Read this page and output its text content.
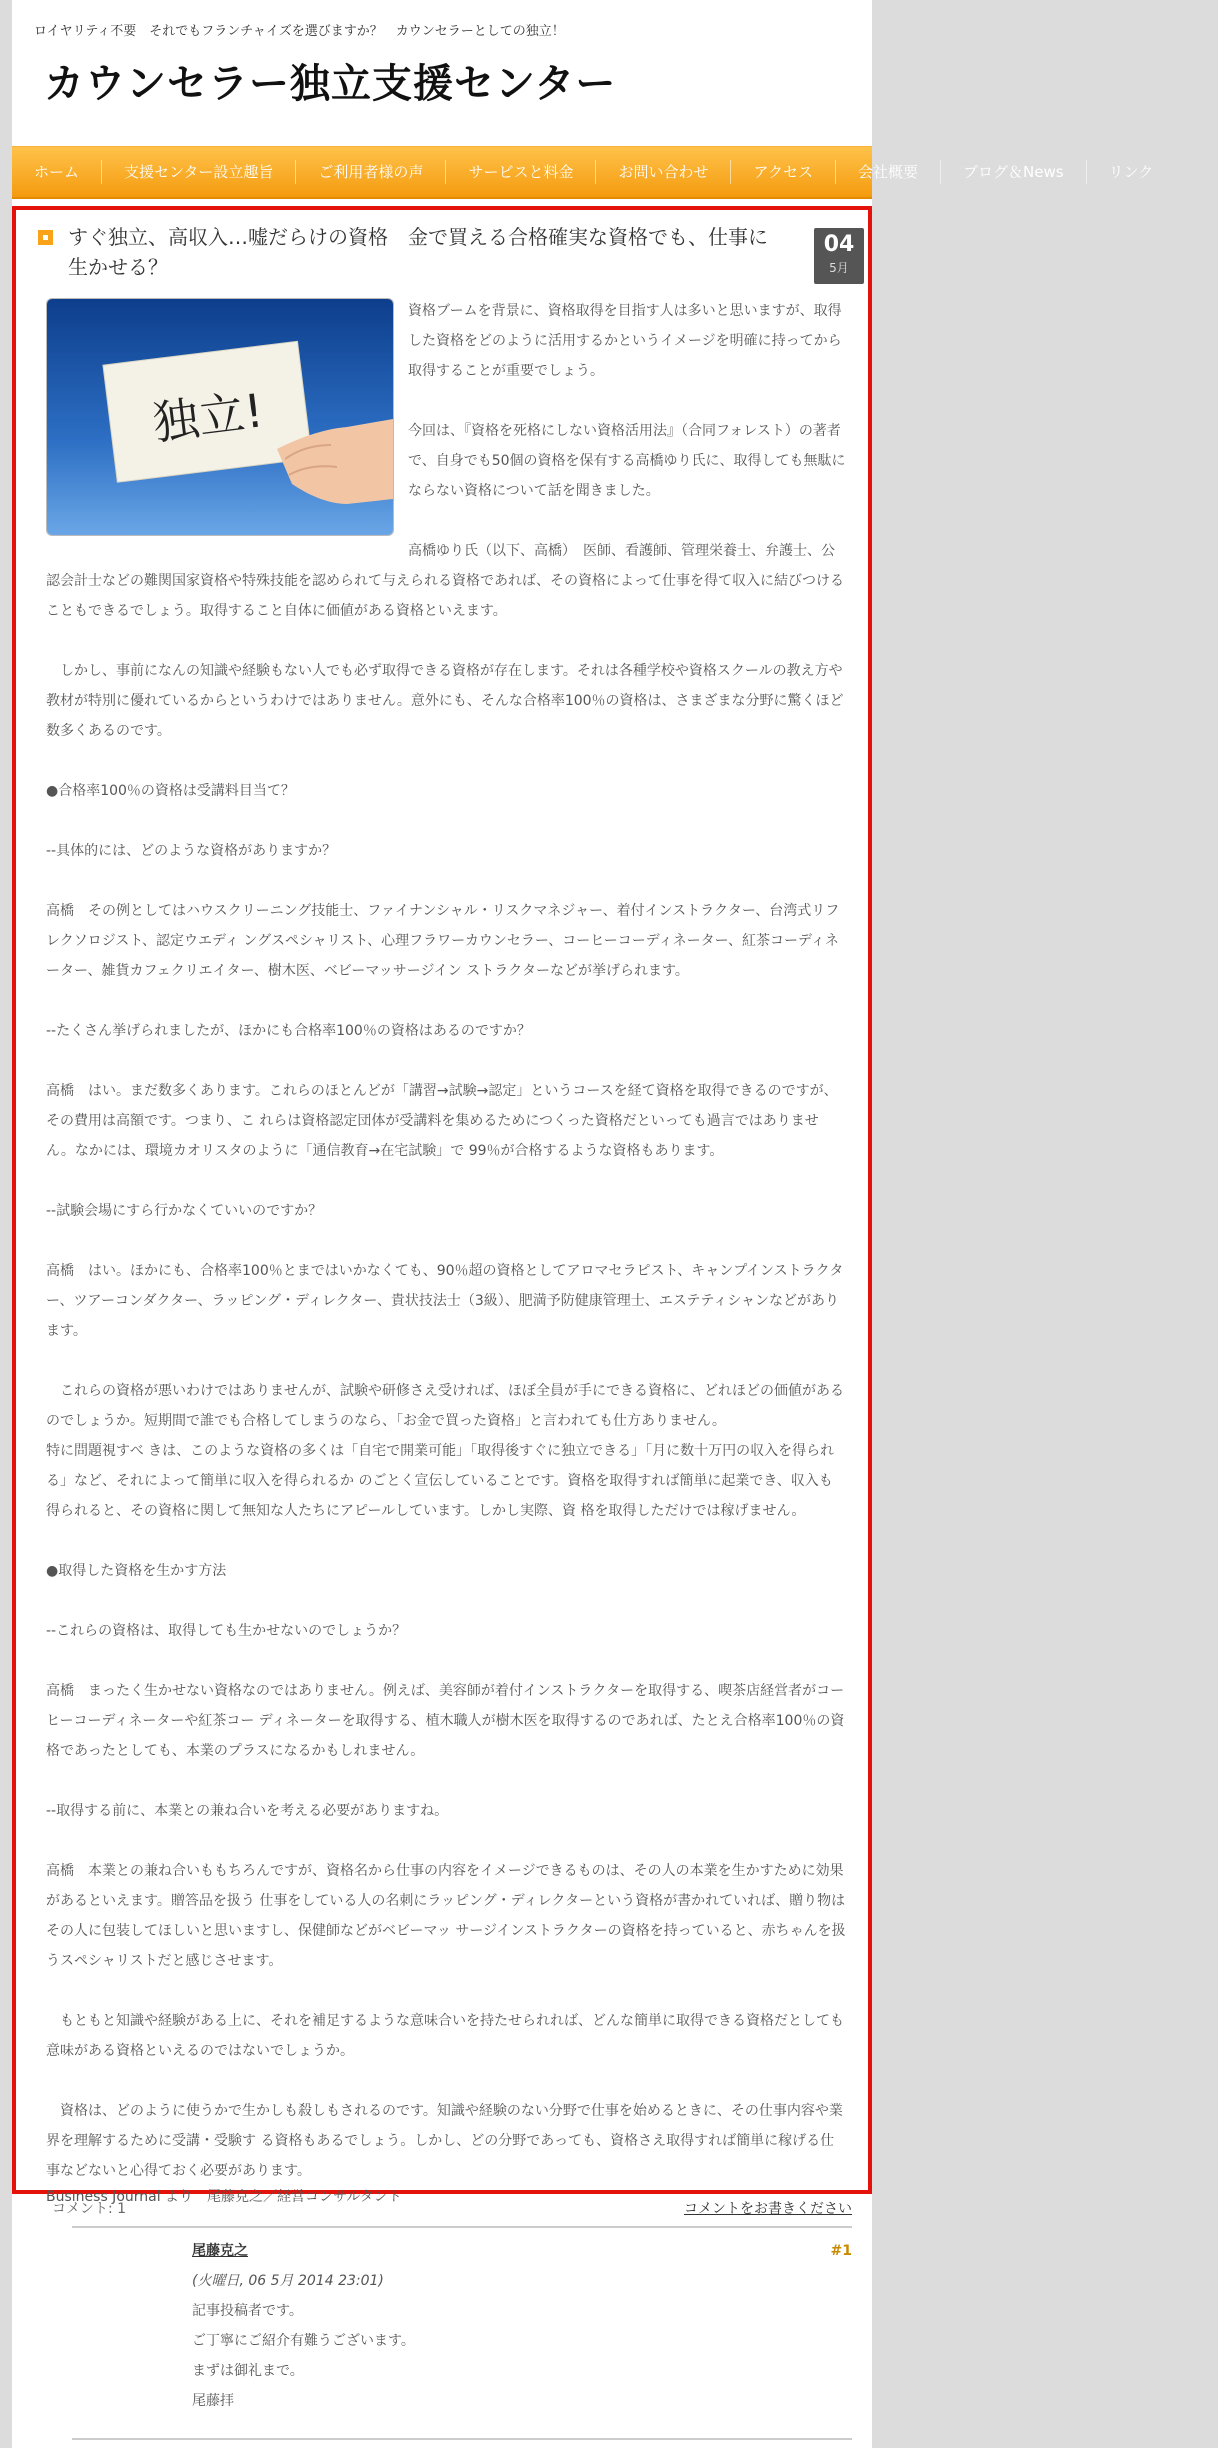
ロイヤリティ不要　それでもフランチャイズを選びますか？　カウンセラーとしての独立！
カウンセラー独立支援センター
ホーム	支援センター設立趣旨	ご利用者様の声	サービスと料金	お問い合わせ	アクセス	会社概要	ブログ＆News	リンク
すぐ独立、高収入…嘘だらけの資格　金で買える合格確実な資格でも、仕事に生かせる？
04
5月
独立!

資格ブームを背景に、資格取得を目指す人は多いと思いますが、取得した資格をどのように活用するかというイメージを明確に持ってから取得することが重要でしょう。

今回は、『資格を死格にしない資格活用法』（合同フォレスト）の著者で、自身でも50個の資格を保有する高橋ゆり氏に、取得しても無駄にならない資格について話を聞きました。

高橋ゆり氏（以下、高橋）　医師、看護師、管理栄養士、弁護士、公認会計士などの難関国家資格や特殊技能を認められて与えられる資格であれば、その資格によって仕事を得て収入に結びつけることもできるでしょう。取得すること自体に価値がある資格といえます。

　しかし、事前になんの知識や経験もない人でも必ず取得できる資格が存在します。それは各種学校や資格スクールの教え方や教材が特別に優れているからというわけではありません。意外にも、そんな合格率100％の資格は、さまざまな分野に驚くほど数多くあるのです。

●合格率100％の資格は受講料目当て？

--具体的には、どのような資格がありますか？

高橋　その例としてはハウスクリーニング技能士、ファイナンシャル・リスクマネジャー、着付インストラクター、台湾式リフレクソロジスト、認定ウエディ ングスペシャリスト、心理フラワーカウンセラー、コーヒーコーディネーター、紅茶コーディネーター、雑貨カフェクリエイター、樹木医、ベビーマッサージイン ストラクターなどが挙げられます。

--たくさん挙げられましたが、ほかにも合格率100％の資格はあるのですか？

高橋　はい。まだ数多くあります。これらのほとんどが「講習→試験→認定」というコースを経て資格を取得できるのですが、その費用は高額です。つまり、こ れらは資格認定団体が受講料を集めるためにつくった資格だといっても過言ではありません。なかには、環境カオリスタのように「通信教育→在宅試験」で 99％が合格するような資格もあります。

--試験会場にすら行かなくていいのですか？

高橋　はい。ほかにも、合格率100％とまではいかなくても、90％超の資格としてアロマセラピスト、キャンプインストラクター、ツアーコンダクター、ラッピング・ディレクター、貴状技法士（3級）、肥満予防健康管理士、エステティシャンなどがあります。

　これらの資格が悪いわけではありませんが、試験や研修さえ受ければ、ほぼ全員が手にできる資格に、どれほどの価値があるのでしょうか。短期間で誰でも合格してしまうのなら、「お金で買った資格」と言われても仕方ありません。
特に問題視すべ きは、このような資格の多くは「自宅で開業可能」「取得後すぐに独立できる」「月に数十万円の収入を得られる」など、それによって簡単に収入を得られるか のごとく宣伝していることです。資格を取得すれば簡単に起業でき、収入も得られると、その資格に関して無知な人たちにアピールしています。しかし実際、資 格を取得しただけでは稼げません。

●取得した資格を生かす方法

--これらの資格は、取得しても生かせないのでしょうか？

高橋　まったく生かせない資格なのではありません。例えば、美容師が着付インストラクターを取得する、喫茶店経営者がコーヒーコーディネーターや紅茶コー ディネーターを取得する、植木職人が樹木医を取得するのであれば、たとえ合格率100％の資格であったとしても、本業のプラスになるかもしれません。

--取得する前に、本業との兼ね合いを考える必要がありますね。

高橋　本業との兼ね合いももちろんですが、資格名から仕事の内容をイメージできるものは、その人の本業を生かすために効果があるといえます。贈答品を扱う 仕事をしている人の名刺にラッピング・ディレクターという資格が書かれていれば、贈り物はその人に包装してほしいと思いますし、保健師などがベビーマッ サージインストラクターの資格を持っていると、赤ちゃんを扱うスペシャリストだと感じさせます。

　もともと知識や経験がある上に、それを補足するような意味合いを持たせられれば、どんな簡単に取得できる資格だとしても意味がある資格といえるのではないでしょうか。

　資格は、どのように使うかで生かしも殺しもされるのです。知識や経験のない分野で仕事を始めるときに、その仕事内容や業界を理解するために受講・受験す る資格もあるでしょう。しかし、どの分野であっても、資格さえ取得すれば簡単に稼げる仕事などないと心得ておく必要があります。

Business Journal より　尾藤克之／経営コンサルタント

コメント: 1	コメントをお書きください
尾藤克之	#1
(火曜日, 06 5月 2014 23:01)
記事投稿者です。
ご丁寧にご紹介有難うございます。
まずは御礼まで。
尾藤拝
